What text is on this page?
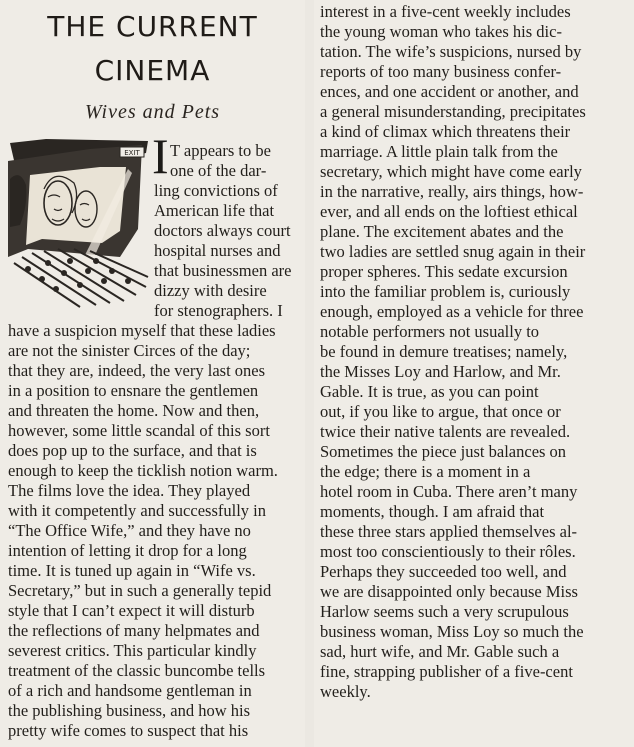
THE CURRENT
CINEMA
Wives and Pets
EXIT I T appears to be
one of the dar-
ling convictions of
American life that
doctors always court
hospital nurses and
that businessmen are
dizzy with desire
for stenographers. I
have a suspicion myself that these ladies
are not the sinister Circes of the day;
that they are, indeed, the very last ones
in a position to ensnare the gentlemen
and threaten the home. Now and then,
however, some little scandal of this sort
does pop up to the surface, and that is
enough to keep the ticklish notion warm.
The films love the idea. They played
with it competently and successfully in
“The Office Wife,” and they have no
intention of letting it drop for a long
time. It is tuned up again in “Wife vs.
Secretary,” but in such a generally tepid
style that I can’t expect it will disturb
the reflections of many helpmates and
severest critics. This particular kindly
treatment of the classic buncombe tells
of a rich and handsome gentleman in
the publishing business, and how his
pretty wife comes to suspect that his
interest in a five-cent weekly includes
the young woman who takes his dic-
tation. The wife’s suspicions, nursed by
reports of too many business confer-
ences, and one accident or another, and
a general misunderstanding, precipitates
a kind of climax which threatens their
marriage. A little plain talk from the
secretary, which might have come early
in the narrative, really, airs things, how-
ever, and all ends on the loftiest ethical
plane. The excitement abates and the
two ladies are settled snug again in their
proper spheres. This sedate excursion
into the familiar problem is, curiously
enough, employed as a vehicle for three
notable performers not usually to
be found in demure treatises; namely,
the Misses Loy and Harlow, and Mr.
Gable. It is true, as you can point
out, if you like to argue, that once or
twice their native talents are revealed.
Sometimes the piece just balances on
the edge; there is a moment in a
hotel room in Cuba. There aren’t many
moments, though. I am afraid that
these three stars applied themselves al-
most too conscientiously to their rôles.
Perhaps they succeeded too well, and
we are disappointed only because Miss
Harlow seems such a very scrupulous
business woman, Miss Loy so much the
sad, hurt wife, and Mr. Gable such a
fine, strapping publisher of a five-cent
weekly.
